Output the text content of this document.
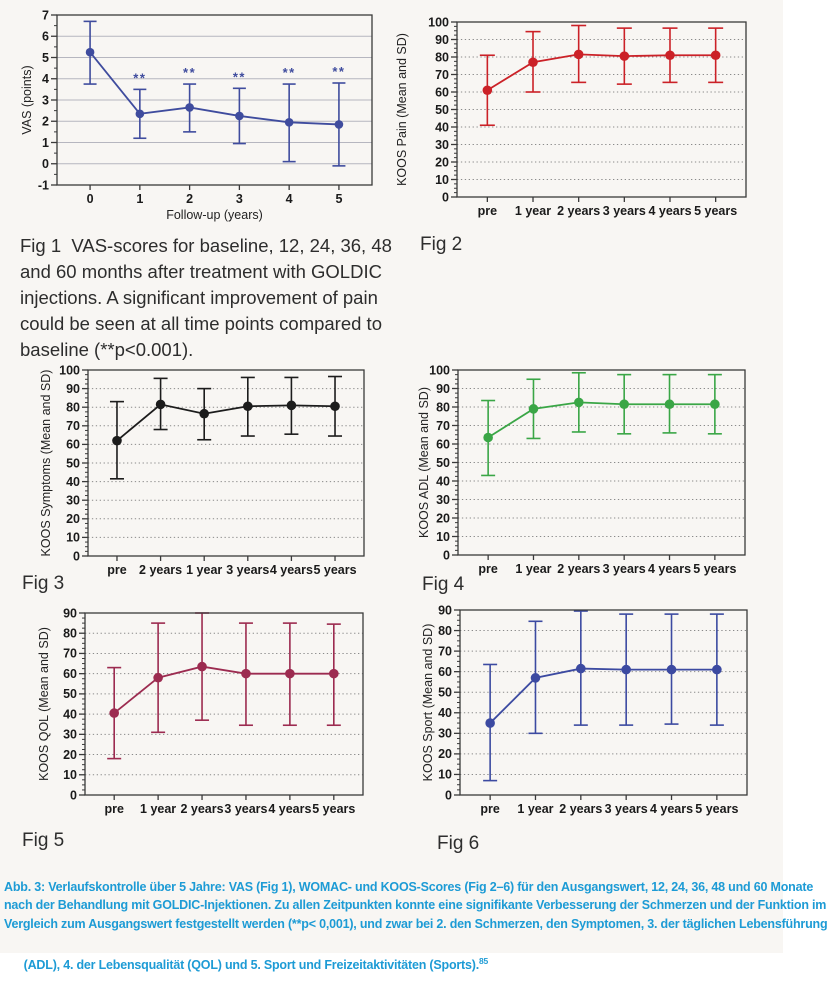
**	**	**	**	**
-1
0
1
2
3
4
5
6
7
0	1	2	3	4	5
Follow-up (years)
VAS (points)
0
10
20
30
40
50
60
70
80
90
100
pre 1 year 2 years 3 years 4 years 5 years
KOOS Pain (Mean and SD)
0
10
20
30
40
50
60
70
80
90
100
pre 2 years 1 year 3 years 4 years 5 years
KOOS Symptoms (Mean and SD)	0
10
20
30
40
50
60
70
80
90
100
pre 1 year 2 years 3 years 4 years 5 years
KOOS ADL (Mean and SD)
0
10
20
30
40
50
60
70
80
90
pre 1 year 2 years 3 years 4 years 5 years
KOOS QOL (Mean and SD)
0
10
20
30
40
50
60
70
80
90
pre 1 year 2 years 3 years 4 years 5 years
KOOS Sport (Mean and SD)
Fig 1  VAS-scores for baseline, 12, 24, 36, 48
and 60 months after treatment with GOLDIC
injections. A significant improvement of pain
could be seen at all time points compared to
baseline (**p<0.001).
Fig 2
Fig 3	Fig 4
Fig 5	Fig 6
Abb. 3: Verlaufskontrolle über 5 Jahre: VAS (Fig 1), WOMAC- und KOOS-Scores (Fig 2–6) für den Ausgangswert, 12, 24, 36, 48 und 60 Monate
nach der Behandlung mit GOLDIC-Injektionen. Zu allen Zeitpunkten konnte eine signifikante Verbesserung der Schmerzen und der Funktion im
Vergleich zum Ausgangswert festgestellt werden (**p< 0,001), und zwar bei 2. den Schmerzen, den Symptomen, 3. der täglichen Lebensführung

(ADL), 4. der Lebensqualität (QOL) und 5. Sport und Freizeitaktivitäten (Sports).$^{85}$
